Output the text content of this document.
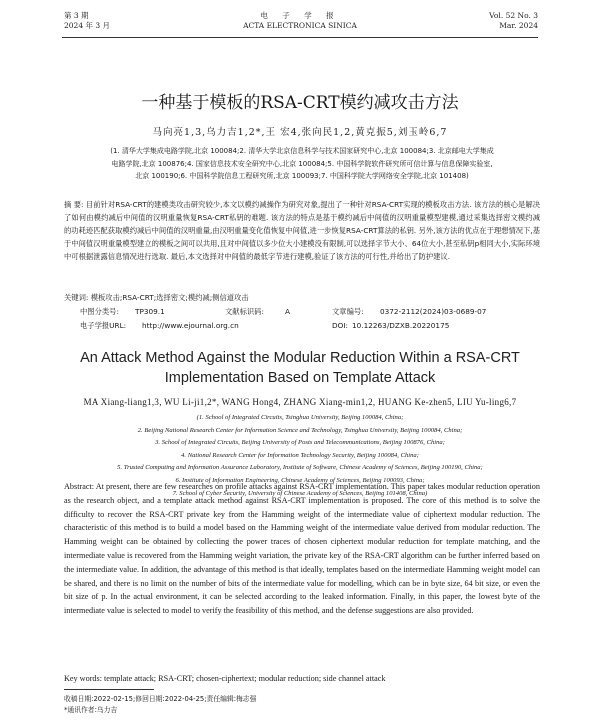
第 3 期
2024 年 3 月
电 子 学 报
ACTA ELECTRONICA SINICA
Vol. 52 No. 3
Mar. 2024
一种基于模板的RSA-CRT模约减攻击方法
马向亮1,3,乌力吉1,2*,王 宏4,张向民1,2,黄克振5,刘玉岭6,7
(1. 清华大学集成电路学院,北京 100084;2. 清华大学北京信息科学与技术国家研究中心,北京 100084;3. 北京邮电大学集成
电路学院,北京 100876;4. 国家信息技术安全研究中心,北京 100084;5. 中国科学院软件研究所可信计算与信息保障实验室,
北京 100190;6. 中国科学院信息工程研究所,北京 100093;7. 中国科学院大学网络安全学院,北京 101408)
摘 要: 目前针对RSA-CRT的建模类攻击研究较少,本文以模约减操作为研究对象,提出了一种针对RSA-CRT实现的模板攻击方法. 该方法的核心是解决了如何由模约减后中间值的汉明重量恢复RSA-CRT私钥的难题. 该方法的特点是基于模约减后中间值的汉明重量模型建模,通过采集选择密文模约减的功耗迹匹配获取模约减后中间值的汉明重量,由汉明重量变化值恢复中间值,进一步恢复RSA-CRT算法的私钥. 另外,该方法的优点在于理想情况下,基于中间值汉明重量模型建立的模板之间可以共用,且对中间值以多少位大小建模没有限制,可以选择字节大小、64位大小,甚至私钥p相同大小,实际环境中可根据泄露信息情况进行选取. 最后,本文选择对中间值的最低字节进行建模,验证了该方法的可行性,并给出了防护建议.
关键词: 模板攻击;RSA-CRT;选择密文;模约减;侧信道攻击
中图分类号: TP309.1	文献标识码:	A	文章编号: 0372-2112(2024)03-0689-07
电子学报URL: http://www.ejournal.org.cn	DOI: 10.12263/DZXB.20220175
An Attack Method Against the Modular Reduction Within a RSA-CRT
Implementation Based on Template Attack
MA Xiang-liang1,3, WU Li-ji1,2*, WANG Hong4, ZHANG Xiang-min1,2, HUANG Ke-zhen5, LIU Yu-ling6,7
(1. School of Integrated Circuits, Tsinghua University, Beijing 100084, China;
2. Beijing National Research Center for Information Science and Technology, Tsinghua University, Beijing 100084, China;
3. School of Integrated Circuits, Beijing University of Posts and Telecommunications, Beijing 100876, China;
4. National Research Center for Information Technology Security, Beijing 100084, China;
5. Trusted Computing and Information Assurance Laboratory, Institute of Software, Chinese Academy of Sciences, Beijing 100190, China;
6. Institute of Information Engineering, Chinese Academy of Sciences, Beijing 100093, China;
7. School of Cyber Security, University of Chinese Academy of Sciences, Beijing 101408, China)
Abstract: At present, there are few researches on profile attacks against RSA-CRT implementation. This paper takes modular reduction operation as the research object, and a template attack method against RSA-CRT implementation is proposed. The core of this method is to solve the difficulty to recover the RSA-CRT private key from the Hamming weight of the intermediate value of ciphertext modular reduction. The characteristic of this method is to build a model based on the Hamming weight of the intermediate value derived from modular reduction. The Hamming weight can be obtained by collecting the power traces of chosen ciphertext modular reduction for template matching, and the intermediate value is recovered from the Hamming weight variation, the private key of the RSA-CRT algorithm can be further inferred based on the intermediate value. In addition, the advantage of this method is that ideally, templates based on the intermediate Hamming weight model can be shared, and there is no limit on the number of bits of the intermediate value for modelling, which can be in byte size, 64 bit size, or even the bit size of p. In the actual environment, it can be selected according to the leaked information. Finally, in this paper, the lowest byte of the intermediate value is selected to model to verify the feasibility of this method, and the defense suggestions are also provided.
Key words: template attack; RSA-CRT; chosen-ciphertext; modular reduction; side channel attack
收稿日期:2022-02-15;修回日期:2022-04-25;责任编辑:梅志强
*通讯作者:乌力吉
